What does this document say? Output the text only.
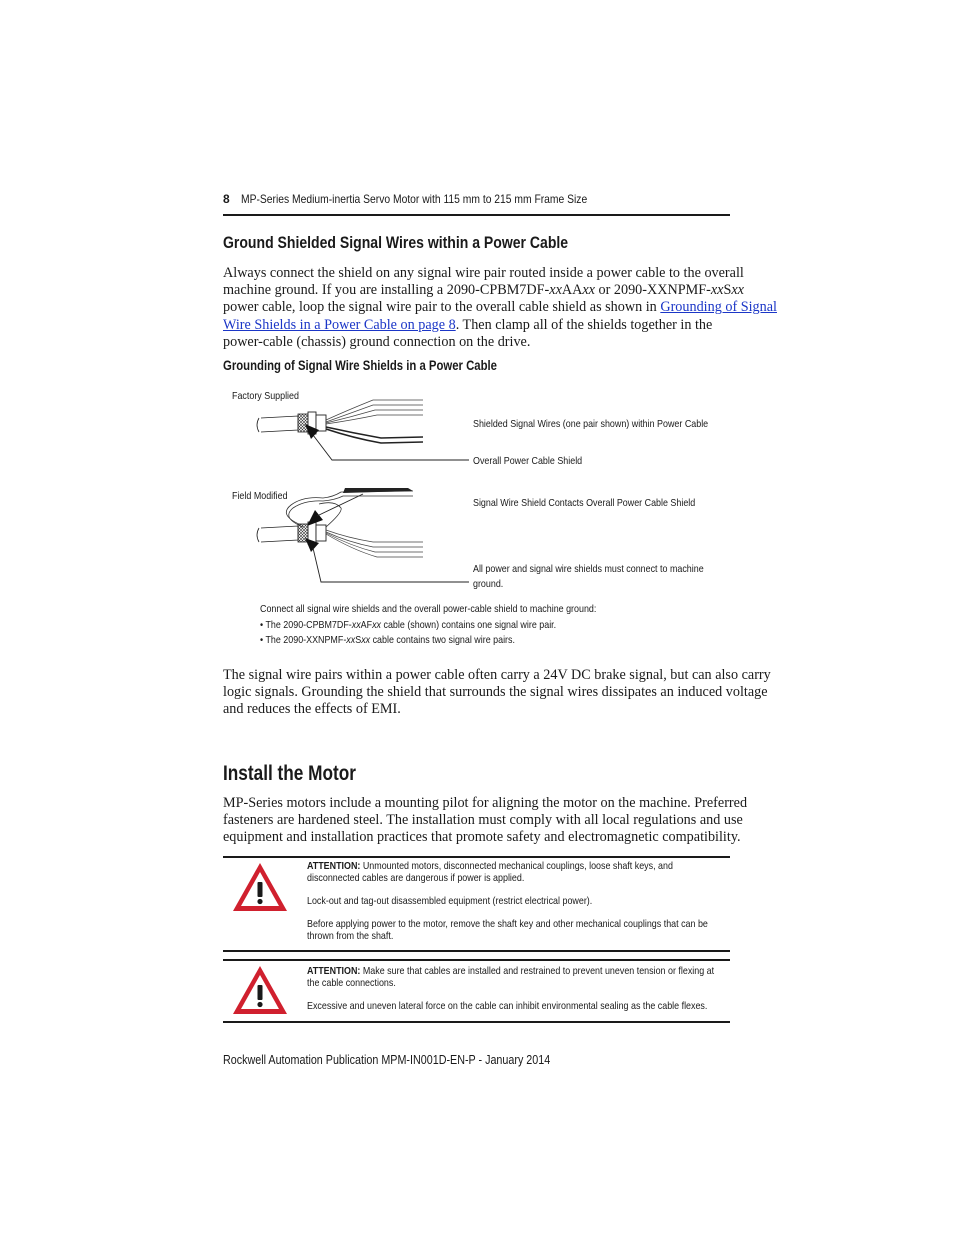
8 MP-Series Medium-inertia Servo Motor with 115 mm to 215 mm Frame Size
Ground Shielded Signal Wires within a Power Cable
Always connect the shield on any signal wire pair routed inside a power cable to the overall
machine ground. If you are installing a 2090-CPBM7DF-xxAAxx or 2090-XXNPMF-xxSxx
power cable, loop the signal wire pair to the overall cable shield as shown in Grounding of Signal
Wire Shields in a Power Cable on page 8. Then clamp all of the shields together in the
power-cable (chassis) ground connection on the drive.
Grounding of Signal Wire Shields in a Power Cable
Factory Supplied
Field Modified
Shielded Signal Wires (one pair shown) within Power Cable
Overall Power Cable Shield
Signal Wire Shield Contacts Overall Power Cable Shield
All power and signal wire shields must connect to machine
ground.
Connect all signal wire shields and the overall power-cable shield to machine ground:
• The 2090-CPBM7DF-xxAFxx cable (shown) contains one signal wire pair.
• The 2090-XXNPMF-xxSxx cable contains two signal wire pairs.
The signal wire pairs within a power cable often carry a 24V DC brake signal, but can also carry
logic signals. Grounding the shield that surrounds the signal wires dissipates an induced voltage
and reduces the effects of EMI.
Install the Motor
MP-Series motors include a mounting pilot for aligning the motor on the machine. Preferred
fasteners are hardened steel. The installation must comply with all local regulations and use
equipment and installation practices that promote safety and electromagnetic compatibility.

ATTENTION: Unmounted motors, disconnected mechanical couplings, loose shaft keys, and disconnected cables are dangerous if power is applied.

Lock-out and tag-out disassembled equipment (restrict electrical power).

Before applying power to the motor, remove the shaft key and other mechanical couplings that can be thrown from the shaft.

ATTENTION: Make sure that cables are installed and restrained to prevent uneven tension or flexing at the cable connections.

Excessive and uneven lateral force on the cable can inhibit environmental sealing as the cable flexes.

Rockwell Automation Publication MPM-IN001D-EN-P - January 2014
